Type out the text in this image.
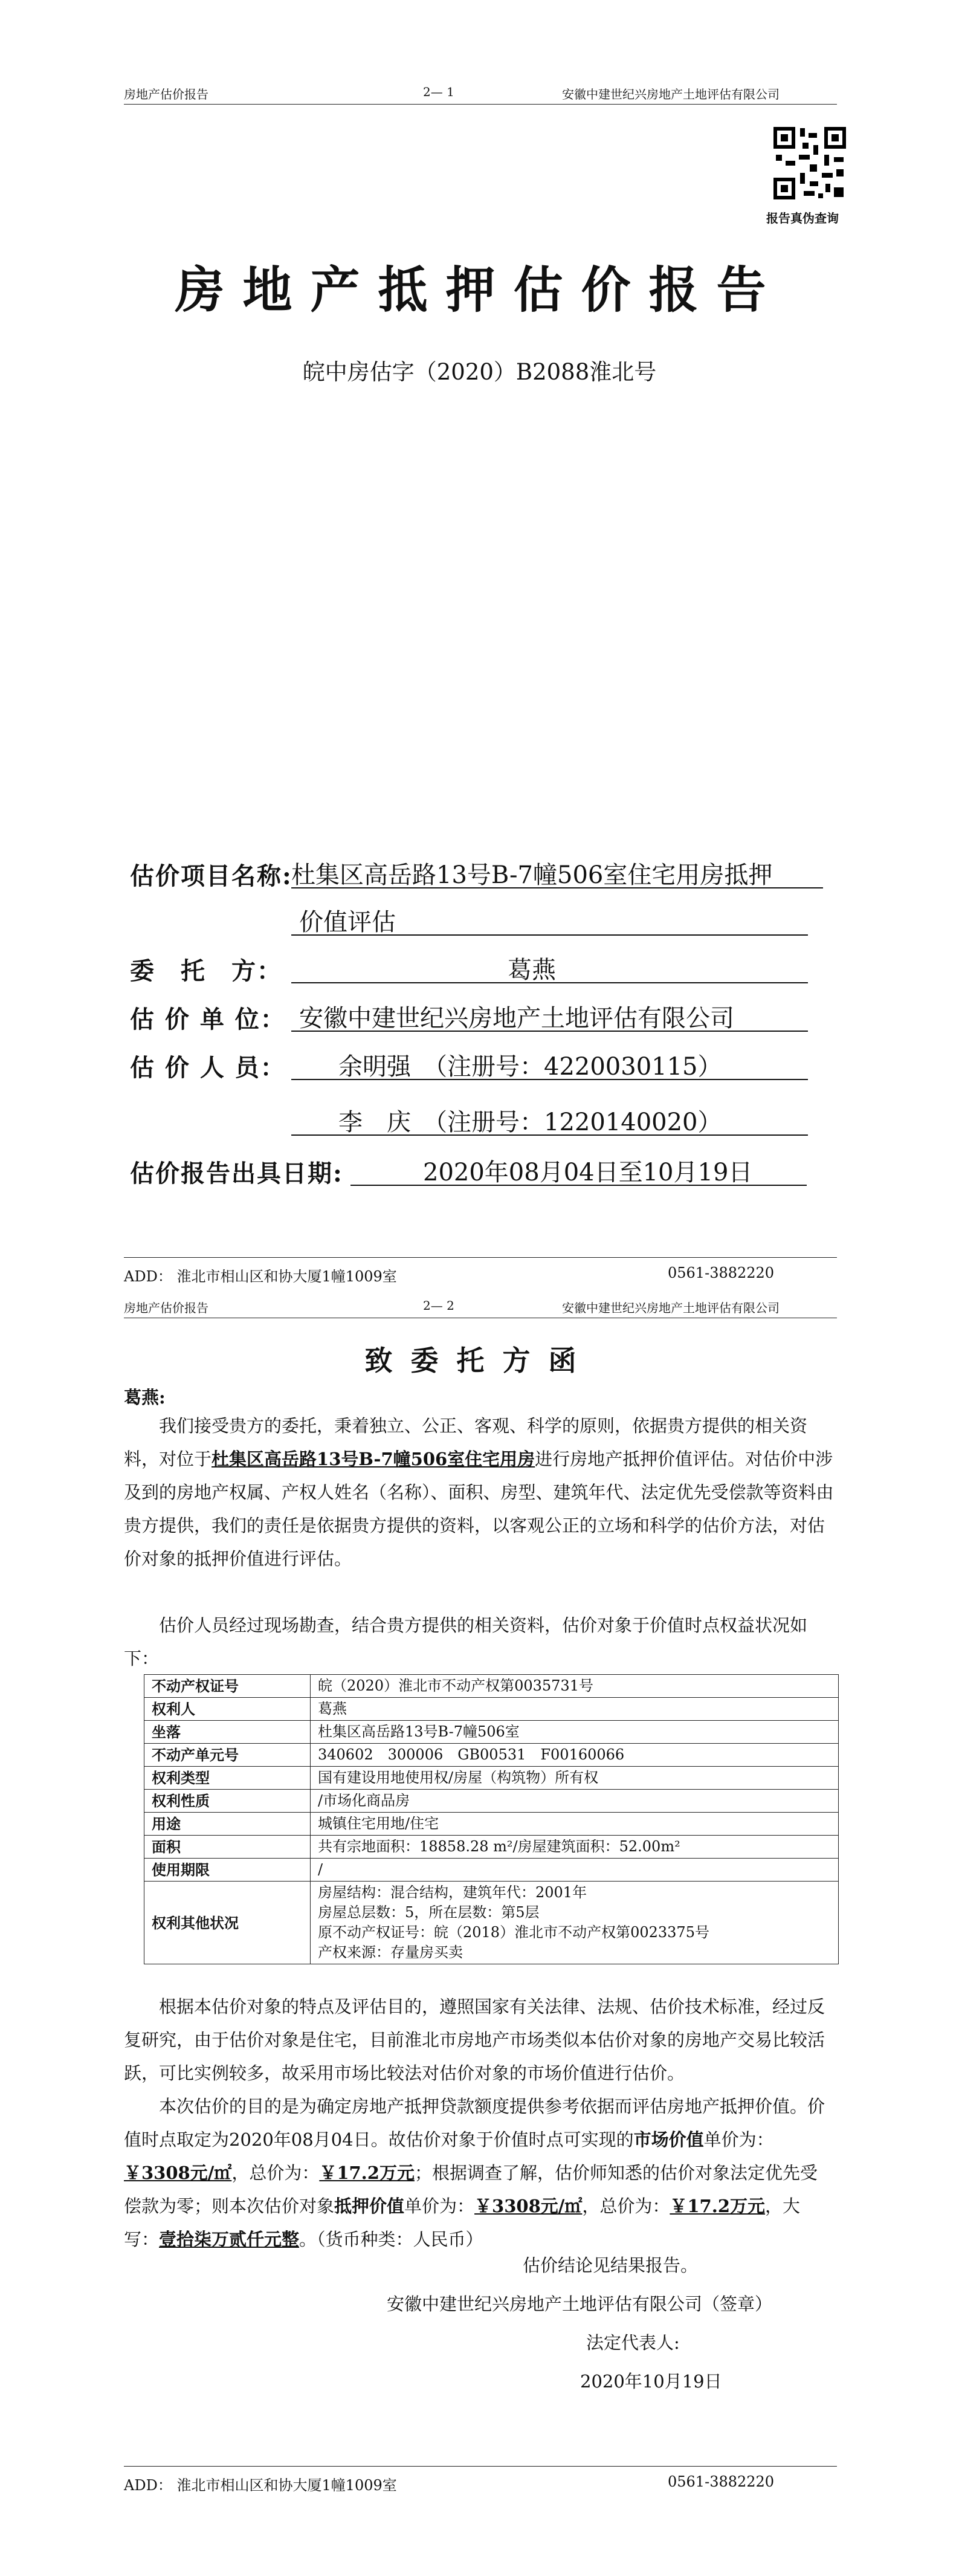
房地产估价报告	2— 1	安徽中建世纪兴房地产土地评估有限公司
报告真伪查询
房地产抵押估价报告
皖中房估字（2020）B2088淮北号
估价项目名称:
杜集区高岳路13号B-7幢506室住宅用房抵押
价值评估
委　托　方：	葛燕
估 价 单 位： 安徽中建世纪兴房地产土地评估有限公司
估 价 人 员： 余明强　（注册号：4220030115）
李　庆　（注册号：1220140020）
估价报告出具日期:	2020年08月04日至10月19日
ADD： 淮北市相山区和协大厦1幢1009室	0561-3882220
房地产估价报告	2— 2	安徽中建世纪兴房地产土地评估有限公司
致委托方函
葛燕:

我们接受贵方的委托，秉着独立、公正、客观、科学的原则，依据贵方提供的相关资料，对位于杜集区高岳路13号B-7幢506室住宅用房进行房地产抵押价值评估。对估价中涉及到的房地产权属、产权人姓名（名称）、面积、房型、建筑年代、法定优先受偿款等资料由贵方提供，我们的责任是依据贵方提供的资料，以客观公正的立场和科学的估价方法，对估价对象的抵押价值进行评估。

估价人员经过现场勘查，结合贵方提供的相关资料，估价对象于价值时点权益状况如下：

不动产权证号	皖（2020）淮北市不动产权第0035731号

权利人	葛燕

坐落	杜集区高岳路13号B-7幢506室

不动产单元号	340602　300006　GB00531　F00160066

权利类型	国有建设用地使用权/房屋（构筑物）所有权

权利性质	/市场化商品房

用途	城镇住宅用地/住宅

面积	共有宗地面积：18858.28 m²/房屋建筑面积：52.00m²

使用期限	/

权利其他状况	房屋结构：混合结构，建筑年代：2001年
房屋总层数：5，所在层数：第5层
原不动产权证号：皖（2018）淮北市不动产权第0023375号
产权来源：存量房买卖

根据本估价对象的特点及评估目的，遵照国家有关法律、法规、估价技术标准，经过反复研究，由于估价对象是住宅，目前淮北市房地产市场类似本估价对象的房地产交易比较活跃，可比实例较多，故采用市场比较法对估价对象的市场价值进行估价。

本次估价的目的是为确定房地产抵押贷款额度提供参考依据而评估房地产抵押价值。价值时点取定为2020年08月04日。故估价对象于价值时点可实现的市场价值单价为：￥3308元/㎡，总价为：￥17.2万元；根据调查了解，估价师知悉的估价对象法定优先受偿款为零；则本次估价对象抵押价值单价为：￥3308元/㎡，总价为：￥17.2万元，大写：壹拾柒万贰仟元整。（货币种类：人民币）

估价结论见结果报告。
安徽中建世纪兴房地产土地评估有限公司（签章）
法定代表人:
2020年10月19日
ADD： 淮北市相山区和协大厦1幢1009室	0561-3882220
